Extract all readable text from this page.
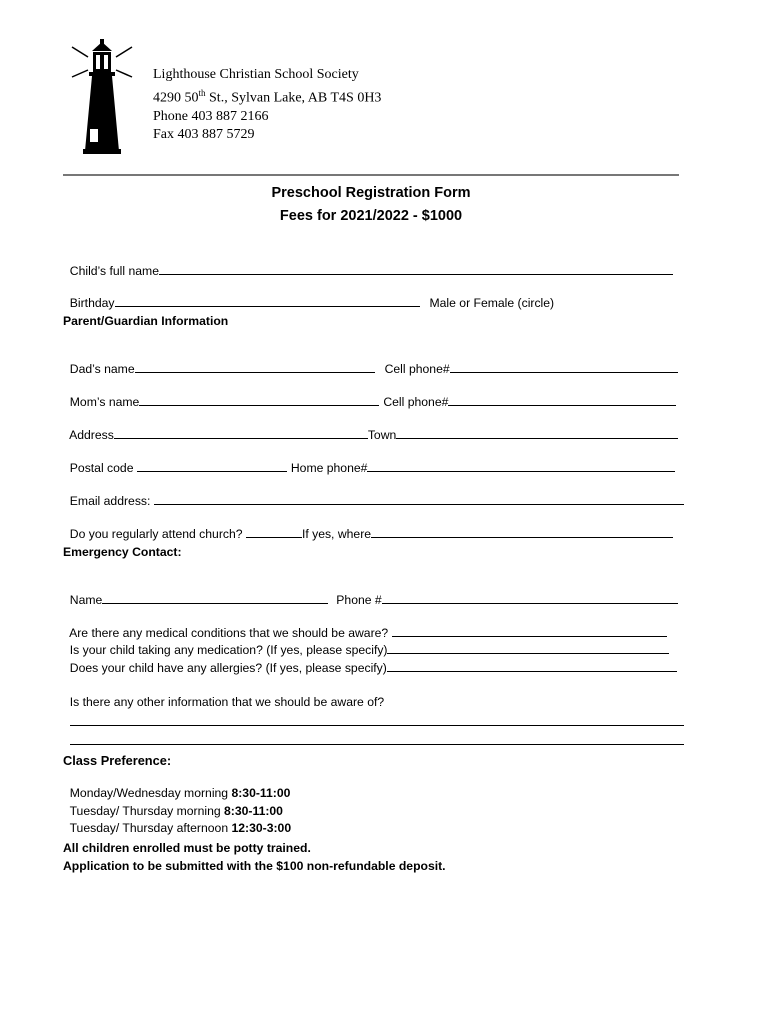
Lighthouse Christian School Society
4290 50th St., Sylvan Lake, AB T4S 0H3
Phone 403 887 2166
Fax 403 887 5729
Preschool Registration Form
Fees for 2021/2022 - $1000

Child’s full name

Birthday	Male or Female (circle)

Parent/Guardian Information

Dad’s name	Cell phone#

Mom’s name	Cell phone#

Address	Town

Postal code	Home phone#

Email address:

Do you regularly attend church?	If yes, where

Emergency Contact:

Name	Phone #

Are there any medical conditions that we should be aware?

Is your child taking any medication? (If yes, please specify)

Does your child have any allergies? (If yes, please specify)

Is there any other information that we should be aware of?

Class Preference:

Monday/Wednesday morning 8:30-11:00

Tuesday/ Thursday morning 8:30-11:00

Tuesday/ Thursday afternoon 12:30-3:00

All children enrolled must be potty trained.
Application to be submitted with the $100 non-refundable deposit.
